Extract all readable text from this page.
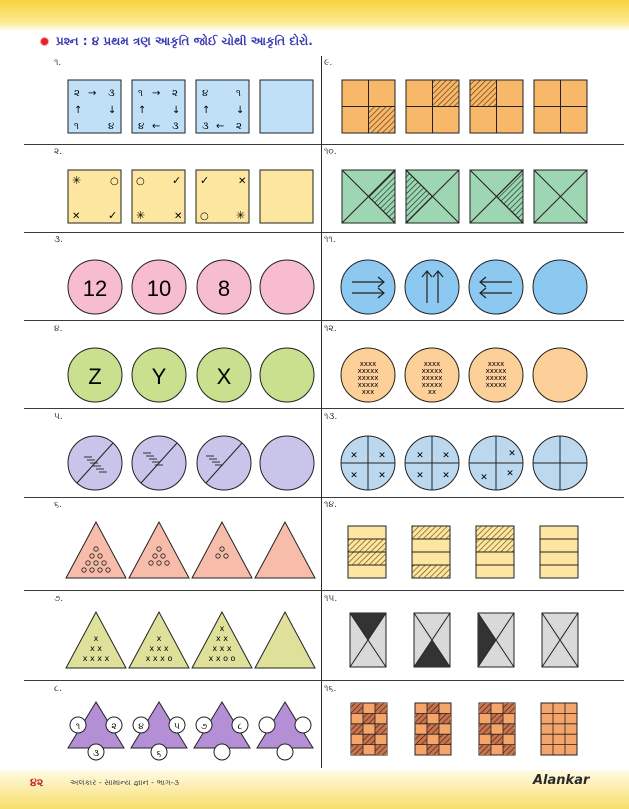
પ્રશ્ન : ૪ પ્રથમ ત્રણ આકૃતિ જોઈ ચોથી આકૃતિ દોરો.
૧.
૨.
૩.
૪.
૫.
૬.
૭.
૮.
૯.
૧૦.
૧૧.
૧૨.
૧૩.
૧૪.
૧૫.
૧૬.
૨ → ૩
↑	↓
૧	૪
૧ → ૨
↑	↓
૪ ← ૩
૪	૧
↑	↓
૩ ← ૨
✳	○
✕	✓
○ ✓
✳	✕
✓	✕
○ ✳
12 10 8
Z Y X
x
x x
x x x x
x
x x x
x x x o
x
x x
x x x
x x o o
૧	૨
૩
૪	૫
૬
૭	૮
xxxx
xxxxx
xxxxx
xxxxx
xxx
xxxx
xxxxx
xxxxx
xxxxx
xx
xxxx
xxxxx
xxxxx
xxxxx
✕ ✕
✕ ✕
✕ ✕
✕ ✕
✕
✕ ✕
૪૨	અલંકાર - સામાન્ય જ્ઞાન - ભાગ-૩	Alankar
